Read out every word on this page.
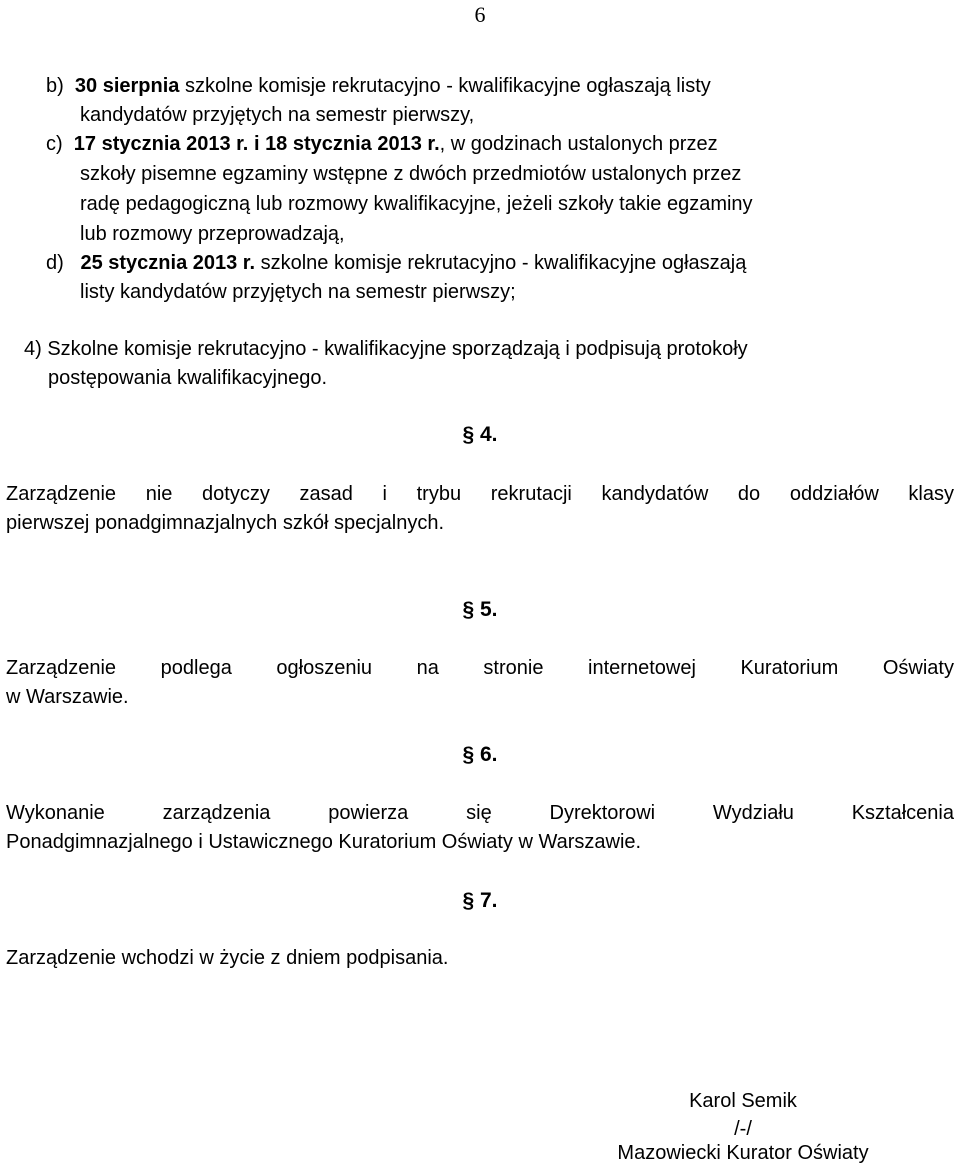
6
b) 30 sierpnia szkolne komisje rekrutacyjno - kwalifikacyjne ogłaszają listy
kandydatów przyjętych na semestr pierwszy,
c) 17 stycznia 2013 r. i 18 stycznia 2013 r., w godzinach ustalonych przez
szkoły pisemne egzaminy wstępne z dwóch przedmiotów ustalonych przez
radę pedagogiczną lub rozmowy kwalifikacyjne, jeżeli szkoły takie egzaminy
lub rozmowy przeprowadzają,
d) 25 stycznia 2013 r. szkolne komisje rekrutacyjno - kwalifikacyjne ogłaszają
listy kandydatów przyjętych na semestr pierwszy;
4) Szkolne komisje rekrutacyjno - kwalifikacyjne sporządzają i podpisują protokoły
postępowania kwalifikacyjnego.
§ 4.
Zarządzenie nie dotyczy zasad i trybu rekrutacji kandydatów do oddziałów klasy
pierwszej ponadgimnazjalnych szkół specjalnych.
§ 5.
Zarządzenie podlega ogłoszeniu na stronie internetowej Kuratorium Oświaty
w Warszawie.
§ 6.
Wykonanie zarządzenia powierza się Dyrektorowi Wydziału Kształcenia
Ponadgimnazjalnego i Ustawicznego Kuratorium Oświaty w Warszawie.
§ 7.
Zarządzenie wchodzi w życie z dniem podpisania.
Karol Semik
/-/
Mazowiecki Kurator Oświaty
